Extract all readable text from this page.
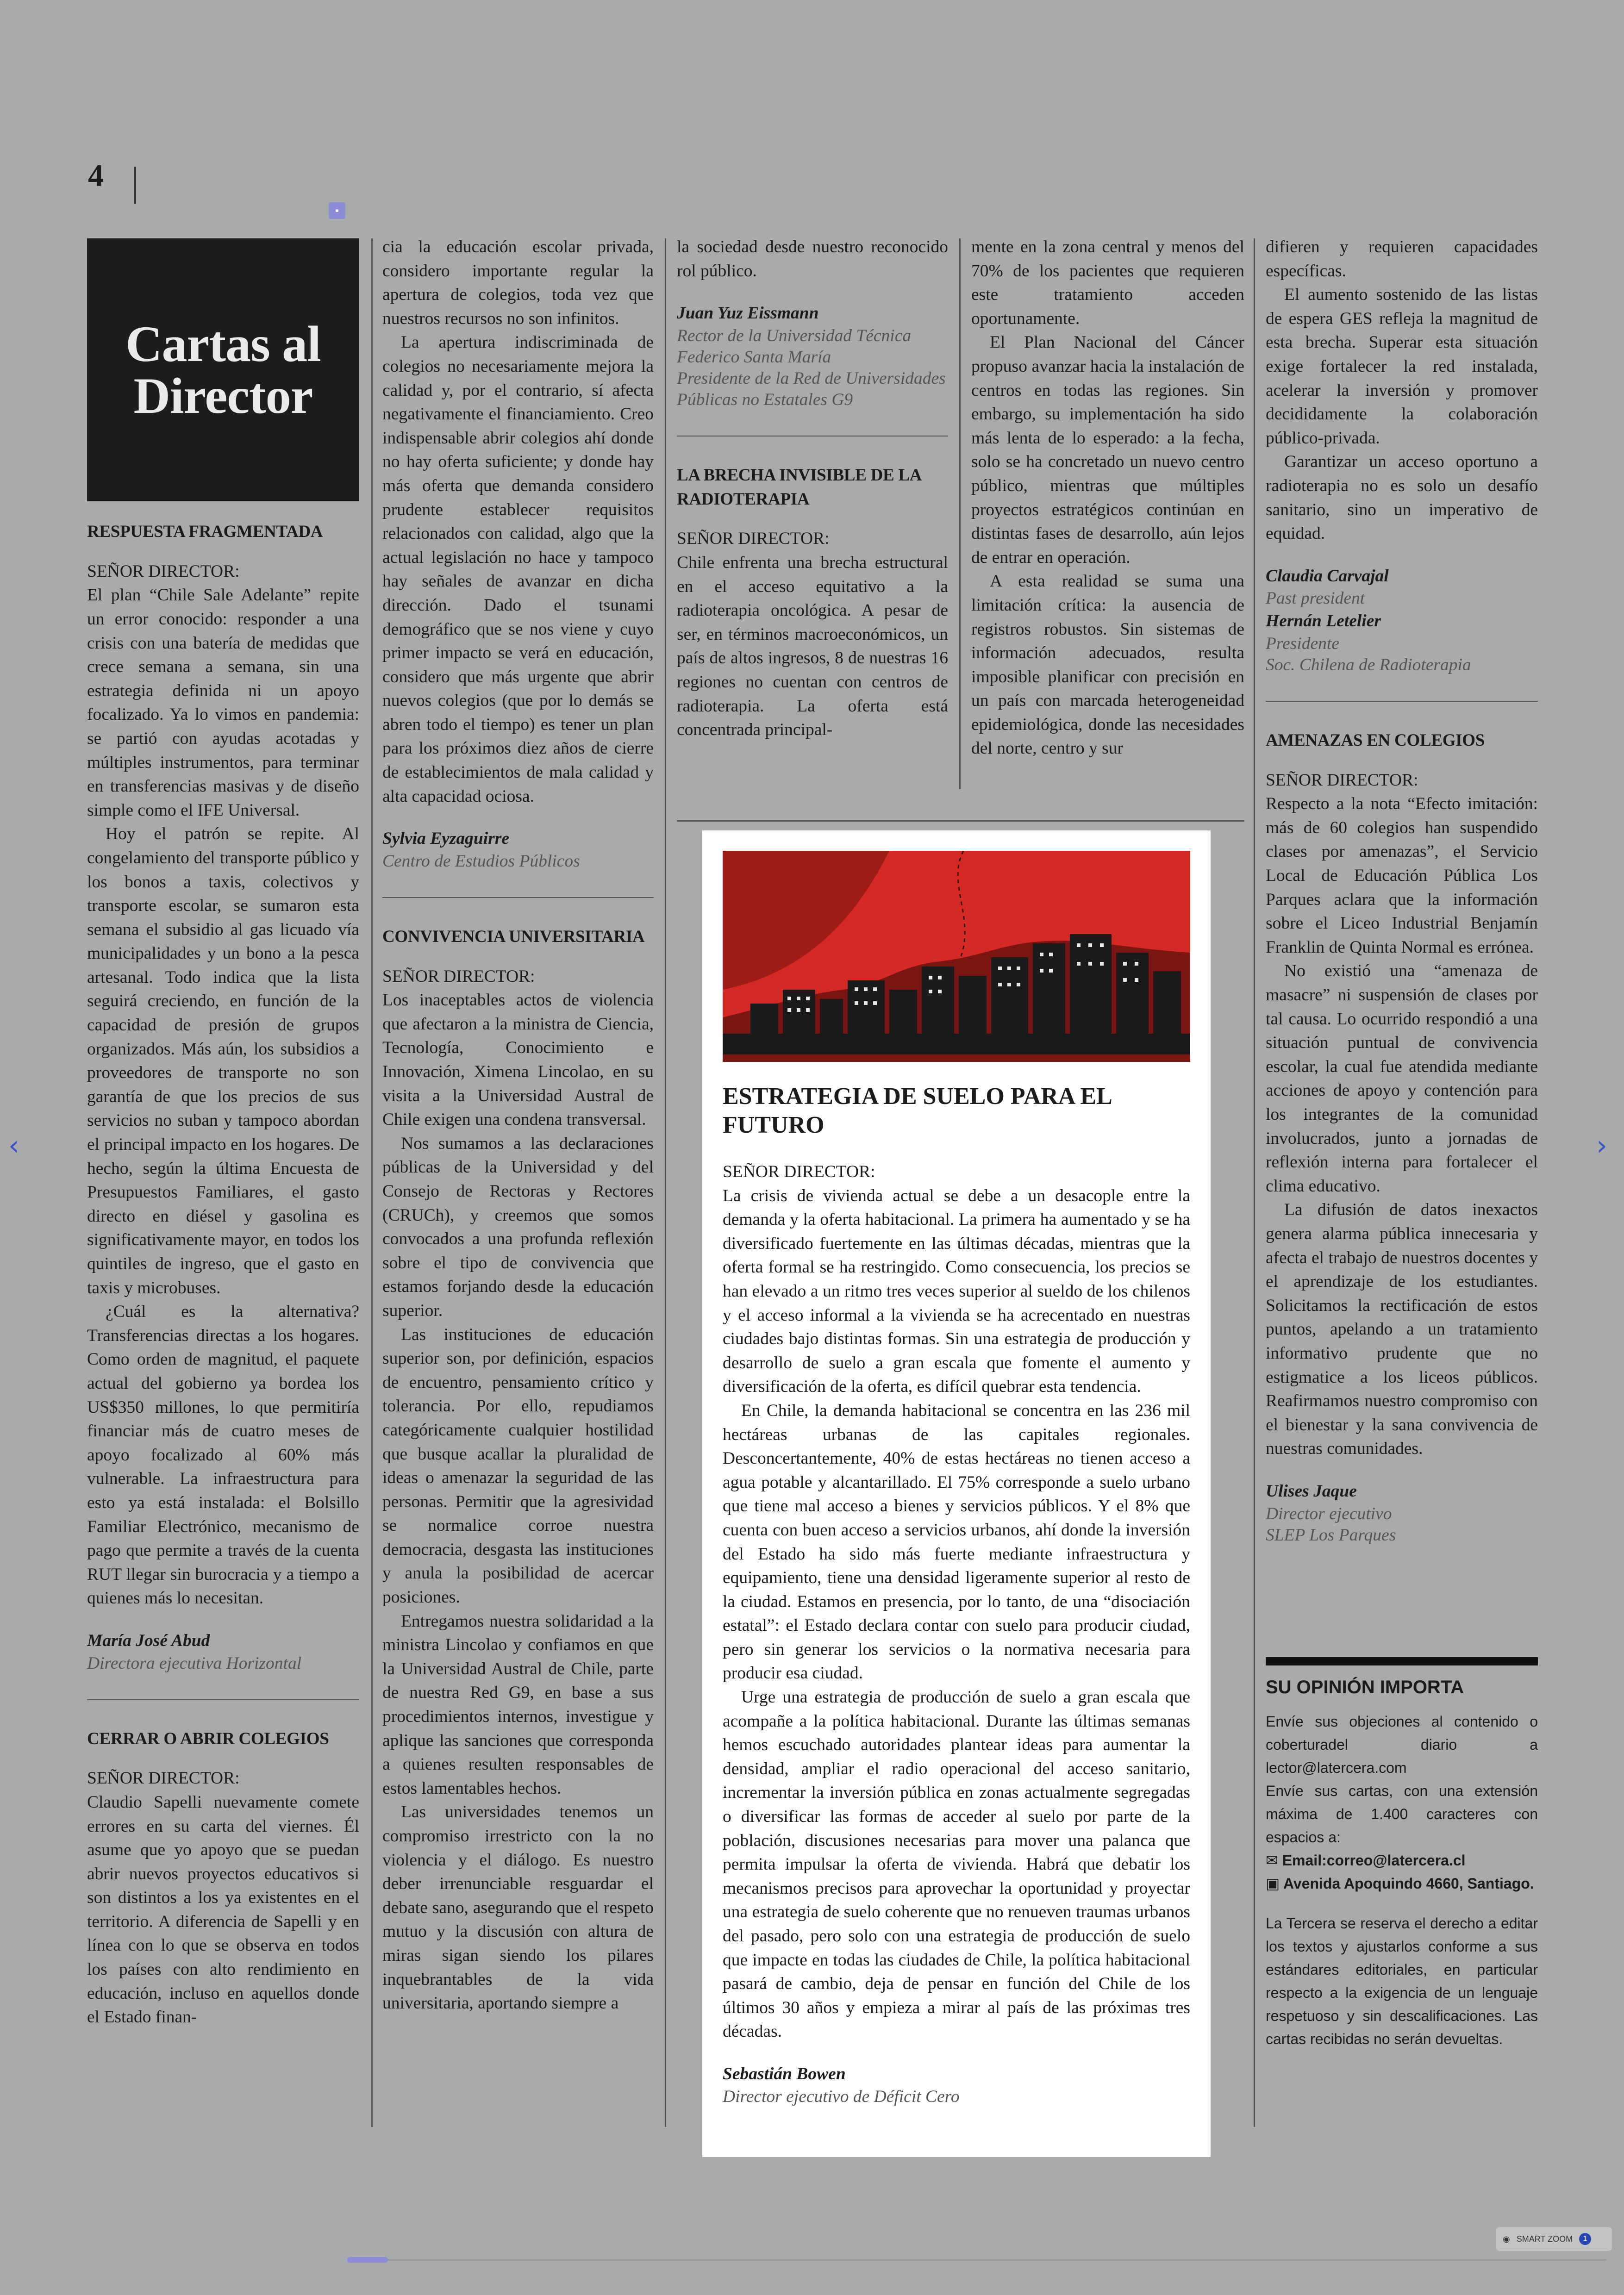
4
▪
Cartas al Director
RESPUESTA FRAGMENTADA

SEÑOR DIRECTOR:

El plan “Chile Sale Adelante” repite un error conocido: responder a una crisis con una batería de medidas que crece semana a semana, sin una estrategia definida ni un apoyo focalizado. Ya lo vimos en pandemia: se partió con ayudas acotadas y múltiples instrumentos, para terminar en transferencias masivas y de diseño simple como el IFE Universal.

Hoy el patrón se repite. Al congelamiento del transporte público y los bonos a taxis, colectivos y transporte escolar, se sumaron esta semana el subsidio al gas licuado vía municipalidades y un bono a la pesca artesanal. Todo indica que la lista seguirá creciendo, en función de la capacidad de presión de grupos organizados. Más aún, los subsidios a proveedores de transporte no son garantía de que los precios de sus servicios no suban y tampoco abordan el principal impacto en los hogares. De hecho, según la última Encuesta de Presupuestos Familiares, el gasto directo en diésel y gasolina es significativamente mayor, en todos los quintiles de ingreso, que el gasto en taxis y microbuses.

¿Cuál es la alternativa? Transferencias directas a los hogares. Como orden de magnitud, el paquete actual del gobierno ya bordea los US$350 millones, lo que permitiría financiar más de cuatro meses de apoyo focalizado al 60% más vulnerable. La infraestructura para esto ya está instalada: el Bolsillo Familiar Electrónico, mecanismo de pago que permite a través de la cuenta RUT llegar sin burocracia y a tiempo a quienes más lo necesitan.

María José Abud
Directora ejecutiva Horizontal
CERRAR O ABRIR COLEGIOS

SEÑOR DIRECTOR:

Claudio Sapelli nuevamente comete errores en su carta del viernes. Él asume que yo apoyo que se puedan abrir nuevos proyectos educativos si son distintos a los ya existentes en el territorio. A diferencia de Sapelli y en línea con lo que se observa en todos los países con alto rendimiento en educación, incluso en aquellos donde el Estado finan-

cia la educación escolar privada, considero importante regular la apertura de colegios, toda vez que nuestros recursos no son infinitos.

La apertura indiscriminada de colegios no necesariamente mejora la calidad y, por el contrario, sí afecta negativamente el financiamiento. Creo indispensable abrir colegios ahí donde no hay oferta suficiente; y donde hay más oferta que demanda considero prudente establecer requisitos relacionados con calidad, algo que la actual legislación no hace y tampoco hay señales de avanzar en dicha dirección. Dado el tsunami demográfico que se nos viene y cuyo primer impacto se verá en educación, considero que más urgente que abrir nuevos colegios (que por lo demás se abren todo el tiempo) es tener un plan para los próximos diez años de cierre de establecimientos de mala calidad y alta capacidad ociosa.

Sylvia Eyzaguirre
Centro de Estudios Públicos
CONVIVENCIA UNIVERSITARIA

SEÑOR DIRECTOR:

Los inaceptables actos de violencia que afectaron a la ministra de Ciencia, Tecnología, Conocimiento e Innovación, Ximena Lincolao, en su visita a la Universidad Austral de Chile exigen una condena transversal.

Nos sumamos a las declaraciones públicas de la Universidad y del Consejo de Rectoras y Rectores (CRUCh), y creemos que somos convocados a una profunda reflexión sobre el tipo de convivencia que estamos forjando desde la educación superior.

Las instituciones de educación superior son, por definición, espacios de encuentro, pensamiento crítico y tolerancia. Por ello, repudiamos categóricamente cualquier hostilidad que busque acallar la pluralidad de ideas o amenazar la seguridad de las personas. Permitir que la agresividad se normalice corroe nuestra democracia, desgasta las instituciones y anula la posibilidad de acercar posiciones.

Entregamos nuestra solidaridad a la ministra Lincolao y confiamos en que la Universidad Austral de Chile, parte de nuestra Red G9, en base a sus procedimientos internos, investigue y aplique las sanciones que corresponda a quienes resulten responsables de estos lamentables hechos.

Las universidades tenemos un compromiso irrestricto con la no violencia y el diálogo. Es nuestro deber irrenunciable resguardar el debate sano, asegurando que el respeto mutuo y la discusión con altura de miras sigan siendo los pilares inquebrantables de la vida universitaria, aportando siempre a

la sociedad desde nuestro reconocido rol público.

Juan Yuz Eissmann
Rector de la Universidad Técnica Federico Santa María
Presidente de la Red de Universidades Públicas no Estatales G9
LA BRECHA INVISIBLE DE LA RADIOTERAPIA

SEÑOR DIRECTOR:

Chile enfrenta una brecha estructural en el acceso equitativo a la radioterapia oncológica. A pesar de ser, en términos macroeconómicos, un país de altos ingresos, 8 de nuestras 16 regiones no cuentan con centros de radioterapia. La oferta está concentrada principal-

mente en la zona central y menos del 70% de los pacientes que requieren este tratamiento acceden oportunamente.

El Plan Nacional del Cáncer propuso avanzar hacia la instalación de centros en todas las regiones. Sin embargo, su implementación ha sido más lenta de lo esperado: a la fecha, solo se ha concretado un nuevo centro público, mientras que múltiples proyectos estratégicos continúan en distintas fases de desarrollo, aún lejos de entrar en operación.

A esta realidad se suma una limitación crítica: la ausencia de registros robustos. Sin sistemas de información adecuados, resulta imposible planificar con precisión en un país con marcada heterogeneidad epidemiológica, donde las necesidades del norte, centro y sur

ESTRATEGIA DE SUELO PARA EL FUTURO

SEÑOR DIRECTOR:

La crisis de vivienda actual se debe a un desacople entre la demanda y la oferta habitacional. La primera ha aumentado y se ha diversificado fuertemente en las últimas décadas, mientras que la oferta formal se ha restringido. Como consecuencia, los precios se han elevado a un ritmo tres veces superior al sueldo de los chilenos y el acceso informal a la vivienda se ha acrecentado en nuestras ciudades bajo distintas formas. Sin una estrategia de producción y desarrollo de suelo a gran escala que fomente el aumento y diversificación de la oferta, es difícil quebrar esta tendencia.

En Chile, la demanda habitacional se concentra en las 236 mil hectáreas urbanas de las capitales regionales. Desconcertantemente, 40% de estas hectáreas no tienen acceso a agua potable y alcantarillado. El 75% corresponde a suelo urbano que tiene mal acceso a bienes y servicios públicos. Y el 8% que cuenta con buen acceso a servicios urbanos, ahí donde la inversión del Estado ha sido más fuerte mediante infraestructura y equipamiento, tiene una densidad ligeramente superior al resto de la ciudad. Estamos en presencia, por lo tanto, de una “disociación estatal”: el Estado declara contar con suelo para producir ciudad, pero sin generar los servicios o la normativa necesaria para producir esa ciudad.

Urge una estrategia de producción de suelo a gran escala que acompañe a la política habitacional. Durante las últimas semanas hemos escuchado autoridades plantear ideas para aumentar la densidad, ampliar el radio operacional del acceso sanitario, incrementar la inversión pública en zonas actualmente segregadas o diversificar las formas de acceder al suelo por parte de la población, discusiones necesarias para mover una palanca que permita impulsar la oferta de vivienda. Habrá que debatir los mecanismos precisos para aprovechar la oportunidad y proyectar una estrategia de suelo coherente que no renueven traumas urbanos del pasado, pero solo con una estrategia de producción de suelo que impacte en todas las ciudades de Chile, la política habitacional pasará de cambio, deja de pensar en función del Chile de los últimos 30 años y empieza a mirar al país de las próximas tres décadas.

Sebastián Bowen
Director ejecutivo de Déficit Cero

difieren y requieren capacidades específicas.

El aumento sostenido de las listas de espera GES refleja la magnitud de esta brecha. Superar esta situación exige fortalecer la red instalada, acelerar la inversión y promover decididamente la colaboración público-privada.

Garantizar un acceso oportuno a radioterapia no es solo un desafío sanitario, sino un imperativo de equidad.

Claudia Carvajal
Past president
Hernán Letelier
Presidente
Soc. Chilena de Radioterapia
AMENAZAS EN COLEGIOS

SEÑOR DIRECTOR:

Respecto a la nota “Efecto imitación: más de 60 colegios han suspendido clases por amenazas”, el Servicio Local de Educación Pública Los Parques aclara que la información sobre el Liceo Industrial Benjamín Franklin de Quinta Normal es errónea.

No existió una “amenaza de masacre” ni suspensión de clases por tal causa. Lo ocurrido respondió a una situación puntual de convivencia escolar, la cual fue atendida mediante acciones de apoyo y contención para los integrantes de la comunidad involucrados, junto a jornadas de reflexión interna para fortalecer el clima educativo.

La difusión de datos inexactos genera alarma pública innecesaria y afecta el trabajo de nuestros docentes y el aprendizaje de los estudiantes. Solicitamos la rectificación de estos puntos, apelando a un tratamiento informativo prudente que no estigmatice a los liceos públicos. Reafirmamos nuestro compromiso con el bienestar y la sana convivencia de nuestras comunidades.

Ulises Jaque
Director ejecutivo
SLEP Los Parques
SU OPINIÓN IMPORTA
Envíe sus objeciones al contenido o coberturadel diario a lector@latercera.com
Envíe sus cartas, con una extensión máxima de 1.400 caracteres con espacios a:
✉ Email:correo@latercera.cl
▣ Avenida Apoquindo 4660, Santiago.
La Tercera se reserva el derecho a editar los textos y ajustarlos conforme a sus estándares editoriales, en particular respecto a la exigencia de un lenguaje respetuoso y sin descalificaciones. Las cartas recibidas no serán devueltas.
‹	›
◉ SMART ZOOM	1
